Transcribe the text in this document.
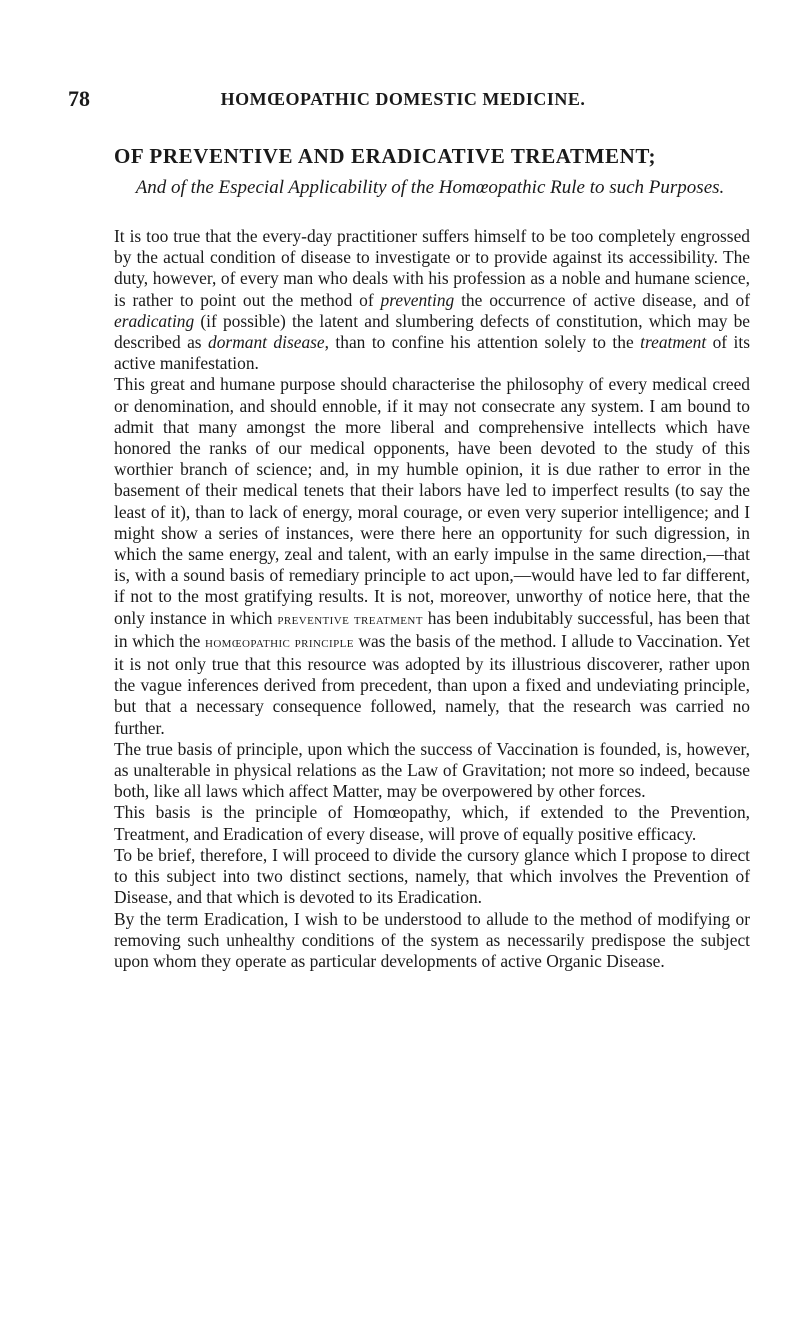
78	HOMŒOPATHIC DOMESTIC MEDICINE.
OF PREVENTIVE AND ERADICATIVE TREATMENT;
And of the Especial Applicability of the Homœopathic Rule to such Purposes.

It is too true that the every-day practitioner suffers himself to be too completely engrossed by the actual condition of disease to investigate or to provide against its accessibility. The duty, however, of every man who deals with his profession as a noble and humane science, is rather to point out the method of preventing the occurrence of active disease, and of eradicating (if possible) the latent and slumbering defects of constitution, which may be described as dormant disease, than to confine his attention solely to the treatment of its active manifestation.

This great and humane purpose should characterise the philosophy of every medical creed or denomination, and should ennoble, if it may not consecrate any system. I am bound to admit that many amongst the more liberal and comprehensive intellects which have honored the ranks of our medical opponents, have been devoted to the study of this worthier branch of science; and, in my humble opinion, it is due rather to error in the basement of their medical tenets that their labors have led to imperfect results (to say the least of it), than to lack of energy, moral courage, or even very superior intelligence; and I might show a series of instances, were there here an opportunity for such digression, in which the same energy, zeal and talent, with an early impulse in the same direction,—that is, with a sound basis of remediary principle to act upon,—would have led to far different, if not to the most gratifying results. It is not, moreover, unworthy of notice here, that the only instance in which preventive treatment has been indubitably successful, has been that in which the homœopathic principle was the basis of the method. I allude to Vaccination. Yet it is not only true that this resource was adopted by its illustrious discoverer, rather upon the vague inferences derived from precedent, than upon a fixed and undeviating principle, but that a necessary consequence followed, namely, that the research was carried no further.

The true basis of principle, upon which the success of Vaccination is founded, is, however, as unalterable in physical relations as the Law of Gravitation; not more so indeed, because both, like all laws which affect Matter, may be overpowered by other forces.

This basis is the principle of Homœopathy, which, if extended to the Prevention, Treatment, and Eradication of every disease, will prove of equally positive efficacy.

To be brief, therefore, I will proceed to divide the cursory glance which I propose to direct to this subject into two distinct sections, namely, that which involves the Prevention of Disease, and that which is devoted to its Eradication.

By the term Eradication, I wish to be understood to allude to the method of modifying or removing such unhealthy conditions of the system as necessarily predispose the subject upon whom they operate as particular developments of active Organic Disease.
